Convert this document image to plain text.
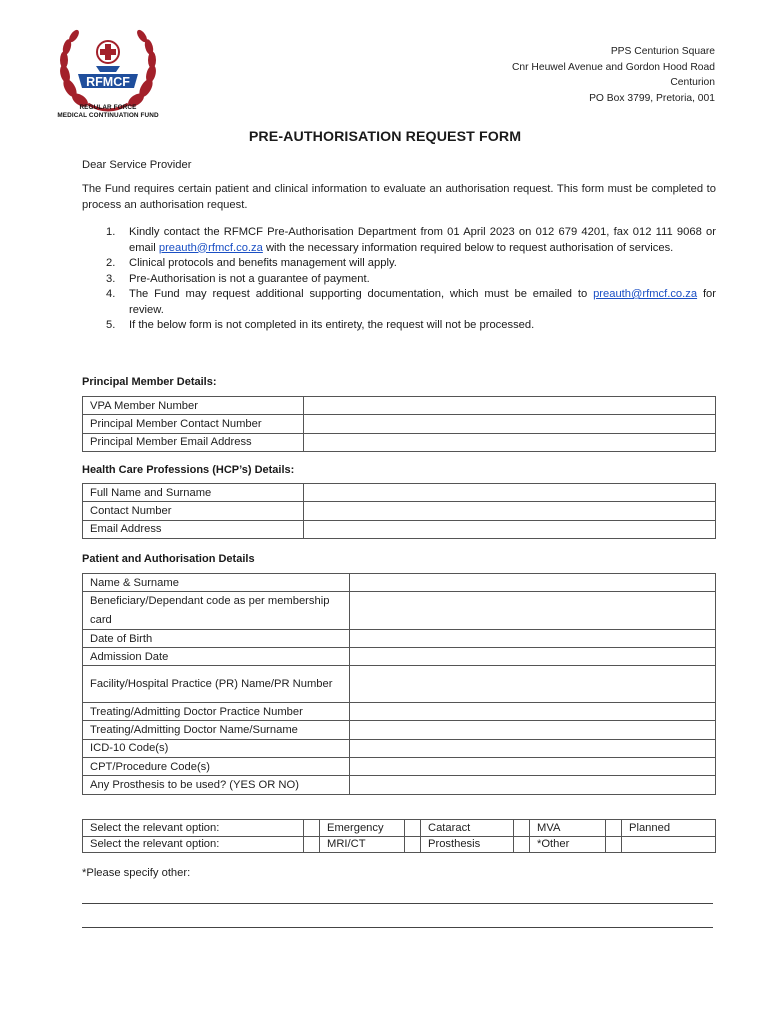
RFMCF
REGULAR FORCE
MEDICAL CONTINUATION FUND
PPS Centurion Square
Cnr Heuwel Avenue and Gordon Hood Road
Centurion
PO Box 3799, Pretoria, 001
PRE-AUTHORISATION REQUEST FORM
Dear Service Provider
The Fund requires certain patient and clinical information to evaluate an authorisation request. This form must be completed to process an authorisation request.
1. Kindly contact the RFMCF Pre-Authorisation Department from 01 April 2023 on 012 679 4201, fax 012 111 9068 or email preauth@rfmcf.co.za with the necessary information required below to request authorisation of services.
2. Clinical protocols and benefits management will apply.
3. Pre-Authorisation is not a guarantee of payment.
4. The Fund may request additional supporting documentation, which must be emailed to preauth@rfmcf.co.za for review.
5. If the below form is not completed in its entirety, the request will not be processed.
Principal Member Details:
VPA Member Number	
Principal Member Contact Number	
Principal Member Email Address	
Health Care Professions (HCP’s) Details:
Full Name and Surname	
Contact Number	
Email Address	
Patient and Authorisation Details
Name & Surname	
Beneficiary/Dependant code as per membership card	
Date of Birth	
Admission Date	
Facility/Hospital Practice (PR) Name/PR Number	
Treating/Admitting Doctor Practice Number	
Treating/Admitting Doctor Name/Surname	
ICD-10 Code(s)	
CPT/Procedure Code(s)	
Any Prosthesis to be used? (YES OR NO)	
Select the relevant option:		Emergency		Cataract		MVA		Planned
Select the relevant option:		MRI/CT		Prosthesis		*Other		
*Please specify other:
